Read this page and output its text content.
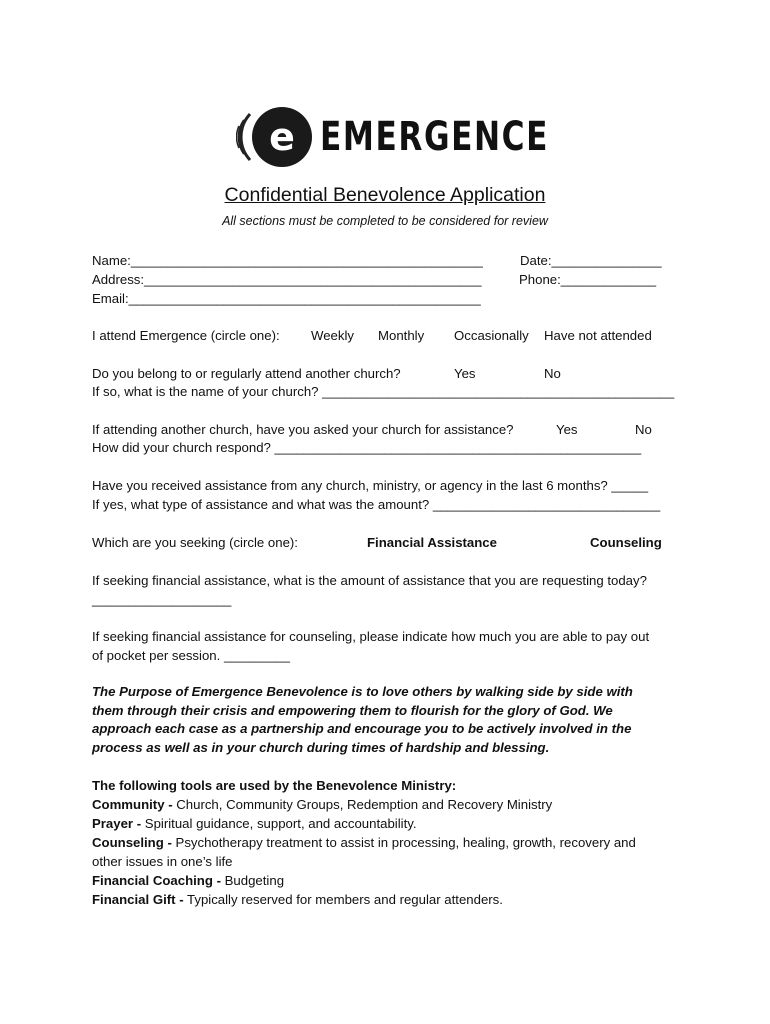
e EMERGENCE
Confidential Benevolence Application
All sections must be completed to be considered for review
Name:________________________________________________	Date:_______________
Address:______________________________________________	Phone:_____________
Email:________________________________________________
I attend Emergence (circle one): Weekly Monthly Occasionally Have not attended
Do you belong to or regularly attend another church?	Yes	No
If so, what is the name of your church? ________________________________________________
If attending another church, have you asked your church for assistance?	Yes	No
How did your church respond? __________________________________________________
Have you received assistance from any church, ministry, or agency in the last 6 months? _____
If yes, what type of assistance and what was the amount? _______________________________
Which are you seeking (circle one):	Financial Assistance	Counseling
If seeking financial assistance, what is the amount of assistance that you are requesting today?
___________________
If seeking financial assistance for counseling, please indicate how much you are able to pay out
of pocket per session. _________
The Purpose of Emergence Benevolence is to love others by walking side by side with
them through their crisis and empowering them to flourish for the glory of God. We
approach each case as a partnership and encourage you to be actively involved in the
process as well as in your church during times of hardship and blessing.
The following tools are used by the Benevolence Ministry:
Community - Church, Community Groups, Redemption and Recovery Ministry
Prayer - Spiritual guidance, support, and accountability.
Counseling - Psychotherapy treatment to assist in processing, healing, growth, recovery and
other issues in one’s life
Financial Coaching - Budgeting
Financial Gift - Typically reserved for members and regular attenders.
